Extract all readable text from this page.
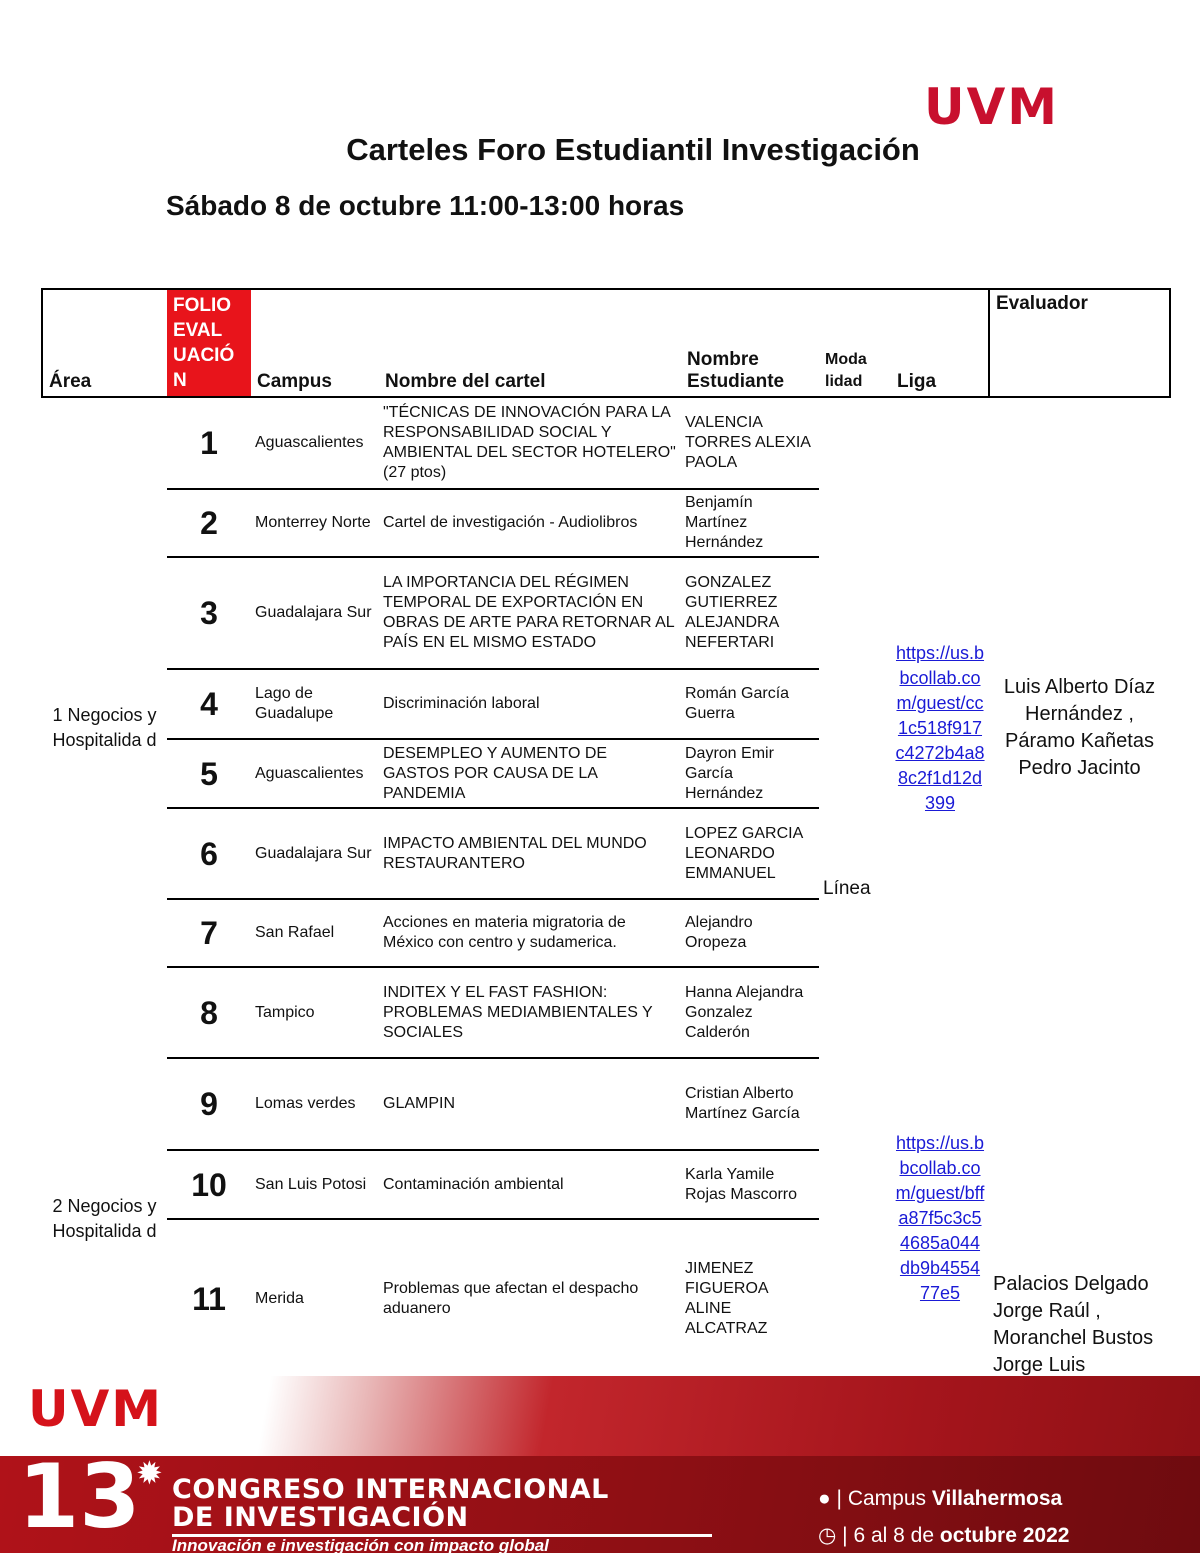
UVM
Carteles Foro Estudiantil Investigación
Sábado 8 de octubre 11:00-13:00 horas
Área	FOLIO EVAL UACIÓ N	Campus	Nombre del cartel	Nombre Estudiante	Moda lidad	Liga	Evaluador
1 Negocios y Hospitalida d	1	Aguascalientes	"TÉCNICAS DE INNOVACIÓN PARA LA RESPONSABILIDAD SOCIAL Y AMBIENTAL DEL SECTOR HOTELERO" (27 ptos)	VALENCIA TORRES ALEXIA PAOLA	Línea	https://us.bbcollab.com/guest/cc1c518f917c4272b4a88c2f1d12d399	Luis Alberto Díaz Hernández , Páramo Kañetas Pedro Jacinto
	2	Monterrey Norte	Cartel de investigación - Audiolibros	Benjamín Martínez Hernández			
	3	Guadalajara Sur	LA IMPORTANCIA DEL RÉGIMEN TEMPORAL DE EXPORTACIÓN EN OBRAS DE ARTE PARA RETORNAR AL PAÍS EN EL MISMO ESTADO	GONZALEZ GUTIERREZ ALEJANDRA NEFERTARI			
	4	Lago de Guadalupe	Discriminación laboral	Román García Guerra			
	5	Aguascalientes	DESEMPLEO Y AUMENTO DE GASTOS POR CAUSA DE LA PANDEMIA	Dayron Emir García Hernández			
	6	Guadalajara Sur	IMPACTO AMBIENTAL DEL MUNDO RESTAURANTERO	LOPEZ GARCIA LEONARDO EMMANUEL			
	7	San Rafael	Acciones en materia migratoria de México con centro y sudamerica.	Alejandro Oropeza			
	8	Tampico	INDITEX Y EL FAST FASHION: PROBLEMAS MEDIAMBIENTALES Y SOCIALES	Hanna Alejandra Gonzalez Calderón			
2 Negocios y Hospitalida d	9	Lomas verdes	GLAMPIN	Cristian Alberto Martínez García		https://us.bbcollab.com/guest/bffa87f5c3c54685a044db9b455477e5	Palacios Delgado Jorge Raúl , Moranchel Bustos Jorge Luis
	10	San Luis Potosi	Contaminación ambiental	Karla Yamile Rojas Mascorro			
	11	Merida	Problemas que afectan el despacho aduanero	JIMENEZ FIGUEROA ALINE ALCATRAZ			
UVM
13
✹ CONGRESO INTERNACIONAL
DE INVESTIGACIÓN
Innovación e investigación con impacto global
● | Campus Villahermosa
◷ | 6 al 8 de octubre 2022
